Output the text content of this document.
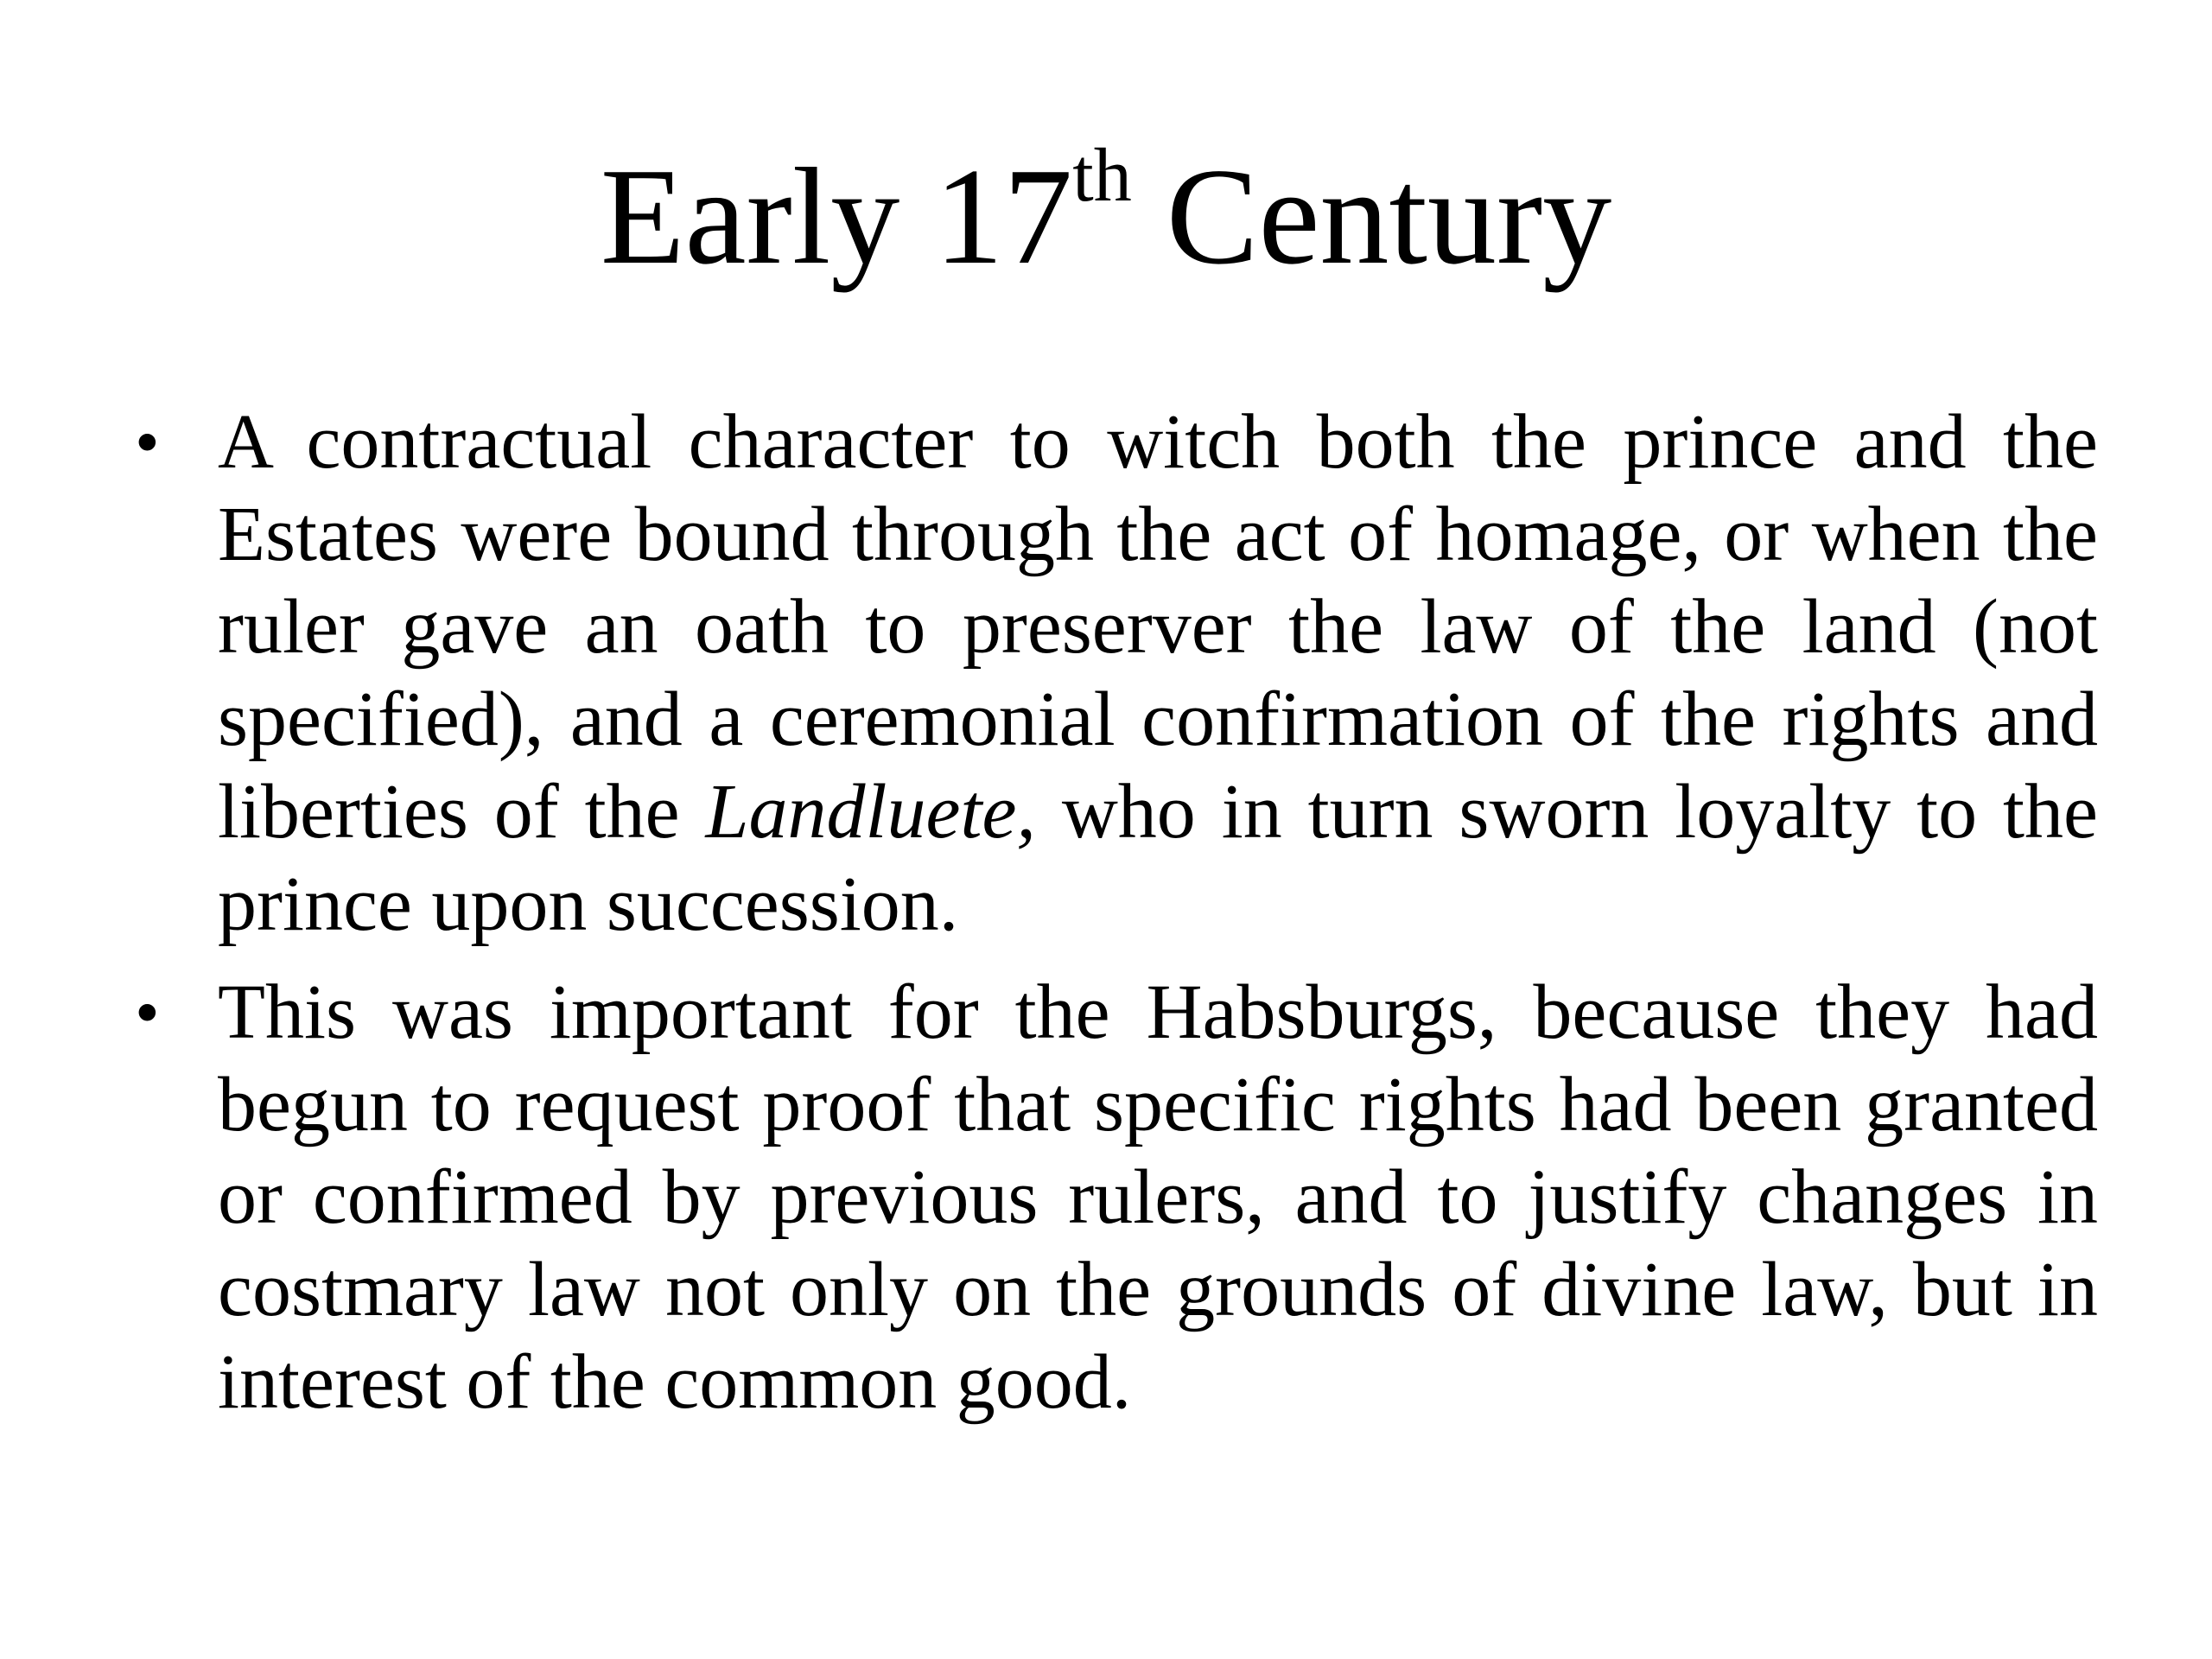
Early 17th Century
• A contractual character to witch both the prince and the Estates were bound through the act of homage, or when the ruler gave an oath to preserver the law of the land (not specified), and a ceremonial confirmation of the rights and liberties of the Landluete, who in turn sworn loyalty to the prince upon succession.
• This was important for the Habsburgs, because they had begun to request proof that specific rights had been granted or confirmed by previous rulers, and to justify changes in costmary law not only on the grounds of divine law, but in interest of the common good.
